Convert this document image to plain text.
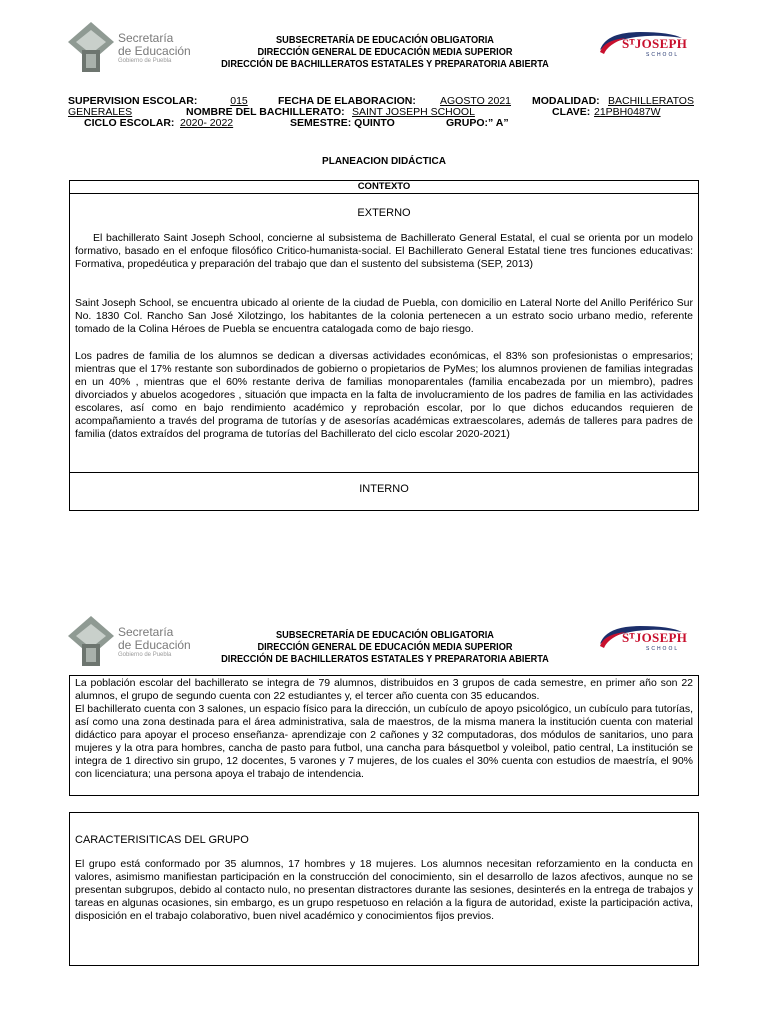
Secretaría
de Educación
Gobierno de Puebla
SUBSECRETARÍA DE EDUCACIÓN OBLIGATORIA
DIRECCIÓN GENERAL DE EDUCACIÓN MEDIA SUPERIOR
DIRECCIÓN DE BACHILLERATOS ESTATALES Y PREPARATORIA ABIERTA
SᵀJOSEPH
SCHOOL
SUPERVISION ESCOLAR:	015	FECHA DE ELABORACION: AGOSTO 2021 MODALIDAD: BACHILLERATOS
GENERALES	NOMBRE DEL BACHILLERATO: SAINT JOSEPH SCHOOL	CLAVE: 21PBH0487W
CICLO ESCOLAR: 2020- 2022	SEMESTRE: QUINTO	GRUPO:” A”
PLANEACION DIDÁCTICA
CONTEXTO
EXTERNO
El bachillerato Saint Joseph School, concierne al subsistema de Bachillerato General Estatal, el cual se orienta por un modelo formativo, basado en el enfoque filosófico Critico-humanista-social. El Bachillerato General Estatal tiene tres funciones educativas: Formativa, propedéutica y preparación del trabajo que dan el sustento del subsistema (SEP, 2013)
Saint Joseph School, se encuentra ubicado al oriente de la ciudad de Puebla, con domicilio en Lateral Norte del Anillo Periférico Sur No. 1830 Col. Rancho San José Xilotzingo, los habitantes de la colonia pertenecen a un estrato socio urbano medio, referente tomado de la Colina Héroes de Puebla se encuentra catalogada como de bajo riesgo.
Los padres de familia de los alumnos se dedican a diversas actividades económicas, el 83% son profesionistas o empresarios; mientras que el 17% restante son subordinados de gobierno o propietarios de PyMes; los alumnos provienen de familias integradas en un 40% , mientras que el 60% restante deriva de familias monoparentales (familia encabezada por un miembro), padres divorciados y abuelos acogedores , situación que impacta en la falta de involucramiento de los padres de familia en las actividades escolares, así como en bajo rendimiento académico y reprobación escolar, por lo que dichos educandos requieren de acompañamiento a través del programa de tutorías y de asesorías académicas extraescolares, además de talleres para padres de familia (datos extraídos del programa de tutorías del Bachillerato del ciclo escolar 2020-2021)
INTERNO
Secretaría
de Educación
Gobierno de Puebla
SUBSECRETARÍA DE EDUCACIÓN OBLIGATORIA
DIRECCIÓN GENERAL DE EDUCACIÓN MEDIA SUPERIOR
DIRECCIÓN DE BACHILLERATOS ESTATALES Y PREPARATORIA ABIERTA
SᵀJOSEPH
SCHOOL
La población escolar del bachillerato se integra de 79 alumnos, distribuidos en 3 grupos de cada semestre, en primer año son 22 alumnos, el grupo de segundo cuenta con 22 estudiantes y, el tercer año cuenta con 35 educandos.
El bachillerato cuenta con 3 salones, un espacio físico para la dirección, un cubículo de apoyo psicológico, un cubículo para tutorías, así como una zona destinada para el área administrativa, sala de maestros, de la misma manera la institución cuenta con material didáctico para apoyar el proceso enseñanza- aprendizaje con 2 cañones y 32 computadoras, dos módulos de sanitarios, uno para mujeres y la otra para hombres, cancha de pasto para futbol, una cancha para básquetbol y voleibol, patio central, La institución se integra de 1 directivo sin grupo, 12 docentes, 5 varones y 7 mujeres, de los cuales el 30% cuenta con estudios de maestría, el 90% con licenciatura; una persona apoya el trabajo de intendencia.
CARACTERISITICAS DEL GRUPO
El grupo está conformado por 35 alumnos, 17 hombres y 18 mujeres. Los alumnos necesitan reforzamiento en la conducta en valores, asimismo manifiestan participación en la construcción del conocimiento, sin el desarrollo de lazos afectivos, aunque no se presentan subgrupos, debido al contacto nulo, no presentan distractores durante las sesiones, desinterés en la entrega de trabajos y tareas en algunas ocasiones, sin embargo, es un grupo respetuoso en relación a la figura de autoridad, existe la participación activa, disposición en el trabajo colaborativo, buen nivel académico y conocimientos fijos previos.
